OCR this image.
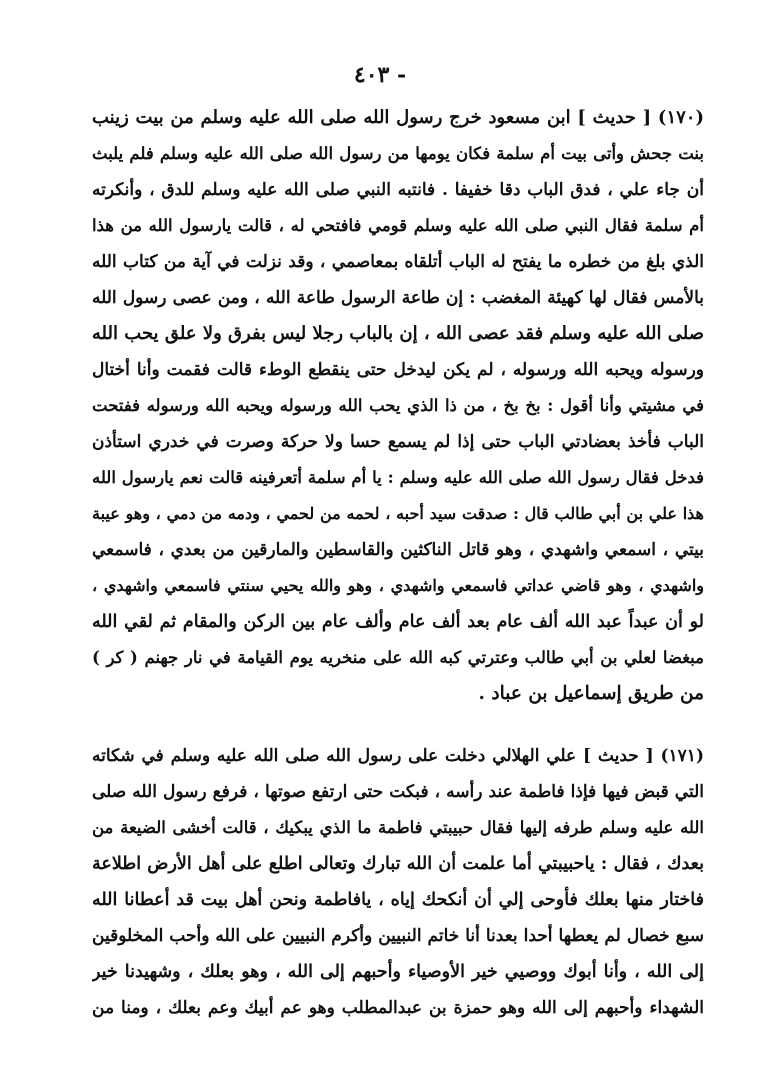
- ٤٠٣
(١٧٠) [ حديث ] ابن مسعود خرج رسول الله صلى الله عليه وسلم من بيت زينب
بنت جحش وأتى بيت أم سلمة فكان يومها من رسول الله صلى الله عليه وسلم فلم يلبث
أن جاء علي ، فدق الباب دقا خفيفا . فانتبه النبي صلى الله عليه وسلم للدق ، وأنكرته
أم سلمة فقال النبي صلى الله عليه وسلم قومي فافتحي له ، قالت يارسول الله من هذا
الذي بلغ من خطره ما يفتح له الباب أتلقاه بمعاصمي ، وقد نزلت في آية من كتاب الله
بالأمس فقال لها كهيئة المغضب : إن طاعة الرسول طاعة الله ، ومن عصى رسول الله
صلى الله عليه وسلم فقد عصى الله ، إن بالباب رجلا ليس بفرق ولا علق يحب الله
ورسوله ويحبه الله ورسوله ، لم يكن ليدخل حتى ينقطع الوطء قالت فقمت وأنا أختال
في مشيتي وأنا أقول : بخ بخ ، من ذا الذي يحب الله ورسوله ويحبه الله ورسوله ففتحت
الباب فأخذ بعضادتي الباب حتى إذا لم يسمع حسا ولا حركة وصرت في خدري استأذن
فدخل فقال رسول الله صلى الله عليه وسلم : يا أم سلمة أتعرفينه قالت نعم يارسول الله
هذا علي بن أبي طالب قال : صدقت سيد أحبه ، لحمه من لحمي ، ودمه من دمي ، وهو عيبة
بيتي ، اسمعي واشهدي ، وهو قاتل الناكثين والقاسطين والمارقين من بعدي ، فاسمعي
واشهدي ، وهو قاضي عداتي فاسمعي واشهدي ، وهو والله يحيي سنتي فاسمعي واشهدي ،
لو أن عبداً عبد الله ألف عام بعد ألف عام وألف عام بين الركن والمقام ثم لقي الله
مبغضا لعلي بن أبي طالب وعترتي كبه الله على منخريه يوم القيامة في نار جهنم ( كر )
من طريق إسماعيل بن عباد .
(١٧١) [ حديث ] علي الهلالي دخلت على رسول الله صلى الله عليه وسلم في شكاته
التي قبض فيها فإذا فاطمة عند رأسه ، فبكت حتى ارتفع صوتها ، فرفع رسول الله صلى
الله عليه وسلم طرفه إليها فقال حبيبتي فاطمة ما الذي يبكيك ، قالت أخشى الضيعة من
بعدك ، فقال : ياحبيبتي أما علمت أن الله تبارك وتعالى اطلع على أهل الأرض اطلاعة
فاختار منها بعلك فأوحى إلي أن أنكحك إياه ، يافاطمة ونحن أهل بيت قد أعطانا الله
سبع خصال لم يعطها أحدا بعدنا أنا خاتم النبيين وأكرم النبيين على الله وأحب المخلوقين
إلى الله ، وأنا أبوك ووصيي خير الأوصياء وأحبهم إلى الله ، وهو بعلك ، وشهيدنا خير
الشهداء وأحبهم إلى الله وهو حمزة بن عبدالمطلب وهو عم أبيك وعم بعلك ، ومنا من
